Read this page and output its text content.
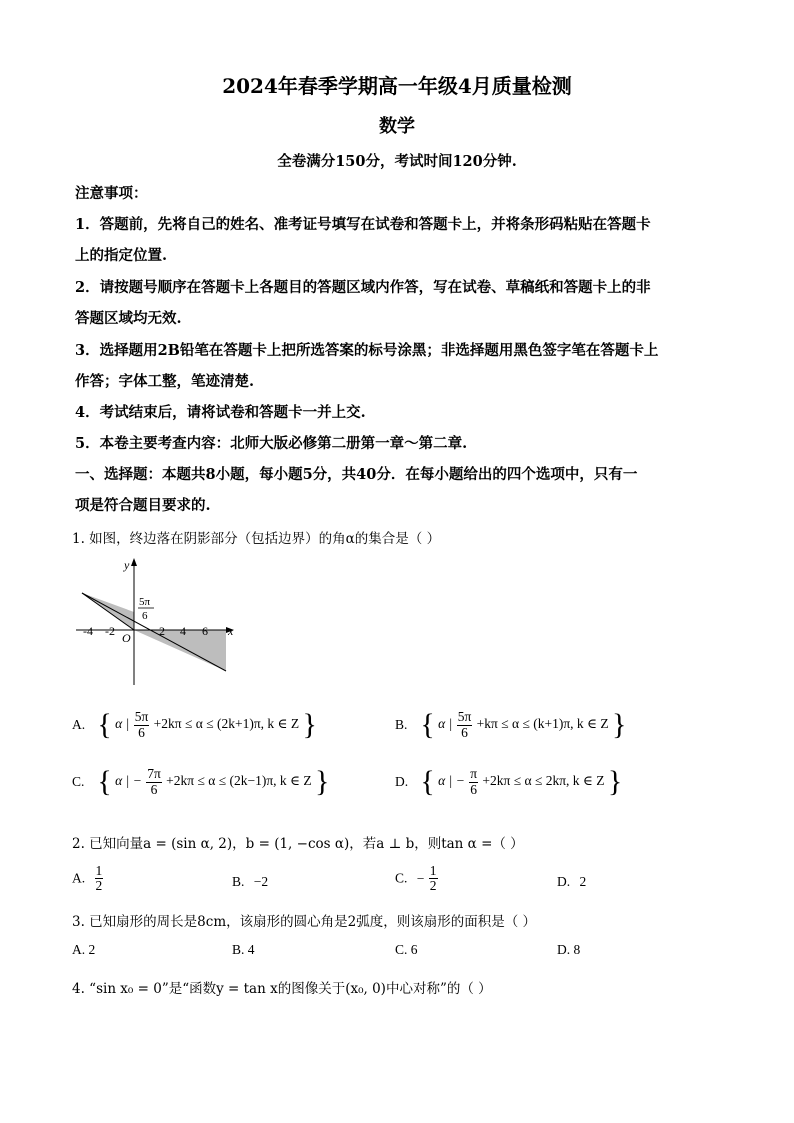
2024年春季学期高一年级4月质量检测
数学
全卷满分150分，考试时间120分钟.
注意事项：
1．答题前，先将自己的姓名、准考证号填写在试卷和答题卡上，并将条形码粘贴在答题卡
上的指定位置.
2．请按题号顺序在答题卡上各题目的答题区域内作答，写在试卷、草稿纸和答题卡上的非
答题区域均无效.
3．选择题用2B铅笔在答题卡上把所选答案的标号涂黑；非选择题用黑色签字笔在答题卡上
作答；字体工整，笔迹清楚.
4．考试结束后，请将试卷和答题卡一并上交.
5．本卷主要考查内容：北师大版必修第二册第一章～第二章.
一、选择题：本题共8小题，每小题5分，共40分．在每小题给出的四个选项中，只有一
项是符合题目要求的.
1. 如图，终边落在阴影部分（包括边界）的角α的集合是（ ）
y
x
O
5π
6
-4 -2	2 4 6
A. { α | $\frac{5\pi}{6} +2k\pi \le \alpha \le (2k+1)\pi$, k ∈ Z }	B. { α | $\frac{5\pi}{6} +k\pi \le \alpha \le (k+1)\pi$, k ∈ Z }
C. { α | − $\frac{7\pi}{6} +2k\pi \le \alpha \le (2k-1)\pi$, k ∈ Z }	D. { α | − $\frac{\pi}{6} +2k\pi \le \alpha \le 2k\pi$, k ∈ Z }
2. 已知向量a = (sin α, 2)，b = (1, −cos α)，若a ⊥ b，则tan α =（ ）
A. $\frac{1}{2}$	B. −2	C. − $\frac{1}{2}$	D. 2
3. 已知扇形的周长是8cm，该扇形的圆心角是2弧度，则该扇形的面积是（ ）
A. 2	B. 4	C. 6	D. 8
4. “sin x₀ = 0”是“函数y = tan x的图像关于(x₀, 0)中心对称”的（ ）
